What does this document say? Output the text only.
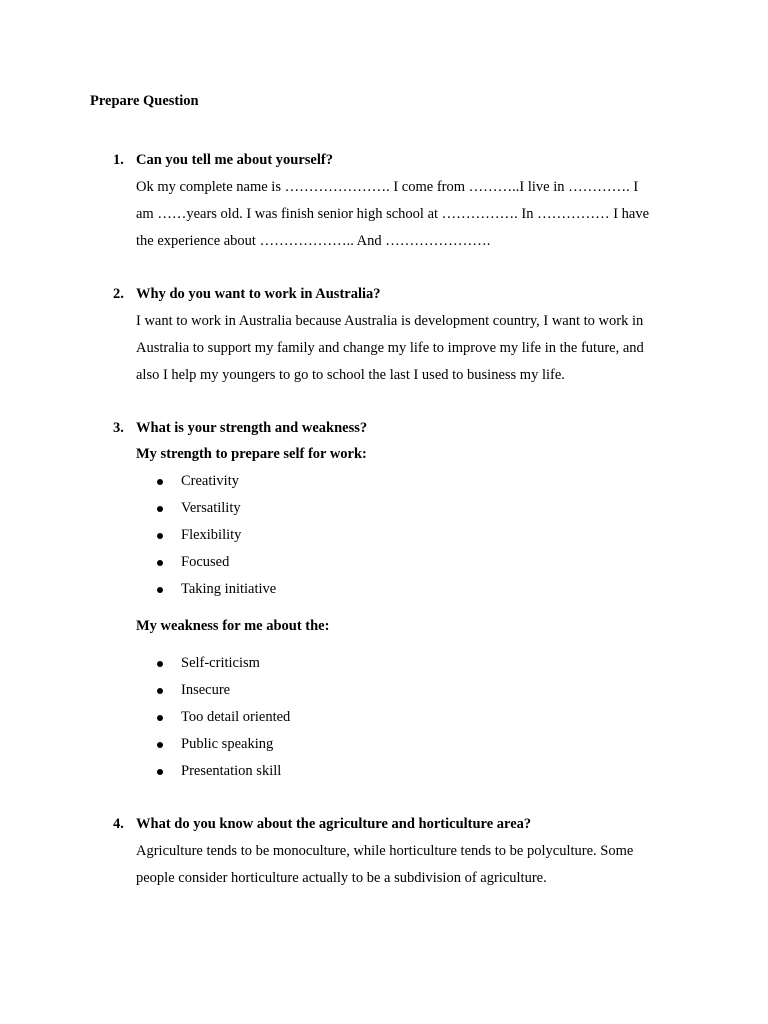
Prepare Question
1. Can you tell me about yourself?
Ok my complete name is …………………. I come from ………..I live in …………. I
am ……years old. I was finish senior high school at ……………. In …………… I have
the experience about ……………….. And ………………….
2. Why do you want to work in Australia?
I want to work in Australia because Australia is development country, I want to work in
Australia to support my family and change my life to improve my life in the future, and
also I help my youngers to go to school the last I used to business my life.
3. What is your strength and weakness?
My strength to prepare self for work:
Creativity
Versatility
Flexibility
Focused
Taking initiative
My weakness for me about the:
Self-criticism
Insecure
Too detail oriented
Public speaking
Presentation skill
4. What do you know about the agriculture and horticulture area?
Agriculture tends to be monoculture, while horticulture tends to be polyculture. Some
people consider horticulture actually to be a subdivision of agriculture.
